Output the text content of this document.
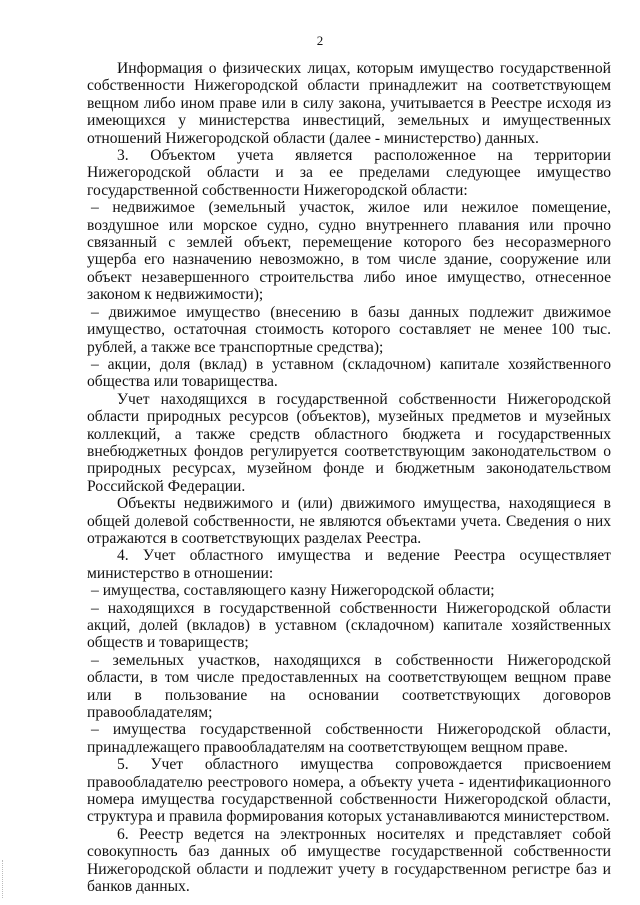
2

Информация о физических лицах, которым имущество государственной собственности Нижегородской области принадлежит на соответствующем вещном либо ином праве или в силу закона, учитывается в Реестре исходя из имеющихся у министерства инвестиций, земельных и имущественных отношений Нижегородской области (далее - министерство) данных.

3. Объектом учета является расположенное на территории Нижегородской области и за ее пределами следующее имущество государственной собственности Нижегородской области:

– недвижимое (земельный участок, жилое или нежилое помещение, воздушное или морское судно, судно внутреннего плавания или прочно связанный с землей объект, перемещение которого без несоразмерного ущерба его назначению невозможно, в том числе здание, сооружение или объект незавершенного строительства либо иное имущество, отнесенное законом к недвижимости);

– движимое имущество (внесению в базы данных подлежит движимое имущество, остаточная стоимость которого составляет не менее 100 тыс. рублей, а также все транспортные средства);

– акции, доля (вклад) в уставном (складочном) капитале хозяйственного общества или товарищества.

Учет находящихся в государственной собственности Нижегородской области природных ресурсов (объектов), музейных предметов и музейных коллекций, а также средств областного бюджета и государственных внебюджетных фондов регулируется соответствующим законодательством о природных ресурсах, музейном фонде и бюджетным законодательством Российской Федерации.

Объекты недвижимого и (или) движимого имущества, находящиеся в общей долевой собственности, не являются объектами учета. Сведения о них отражаются в соответствующих разделах Реестра.

4. Учет областного имущества и ведение Реестра осуществляет министерство в отношении:

– имущества, составляющего казну Нижегородской области;

– находящихся в государственной собственности Нижегородской области акций, долей (вкладов) в уставном (складочном) капитале хозяйственных обществ и товариществ;

– земельных участков, находящихся в собственности Нижегородской области, в том числе предоставленных на соответствующем вещном праве или в пользование на основании соответствующих договоров правообладателям;

– имущества государственной собственности Нижегородской области, принадлежащего правообладателям на соответствующем вещном праве.

5. Учет областного имущества сопровождается присвоением правообладателю реестрового номера, а объекту учета - идентификационного номера имущества государственной собственности Нижегородской области, структура и правила формирования которых устанавливаются министерством.

6. Реестр ведется на электронных носителях и представляет собой совокупность баз данных об имуществе государственной собственности Нижегородской области и подлежит учету в государственном регистре баз и банков данных.
